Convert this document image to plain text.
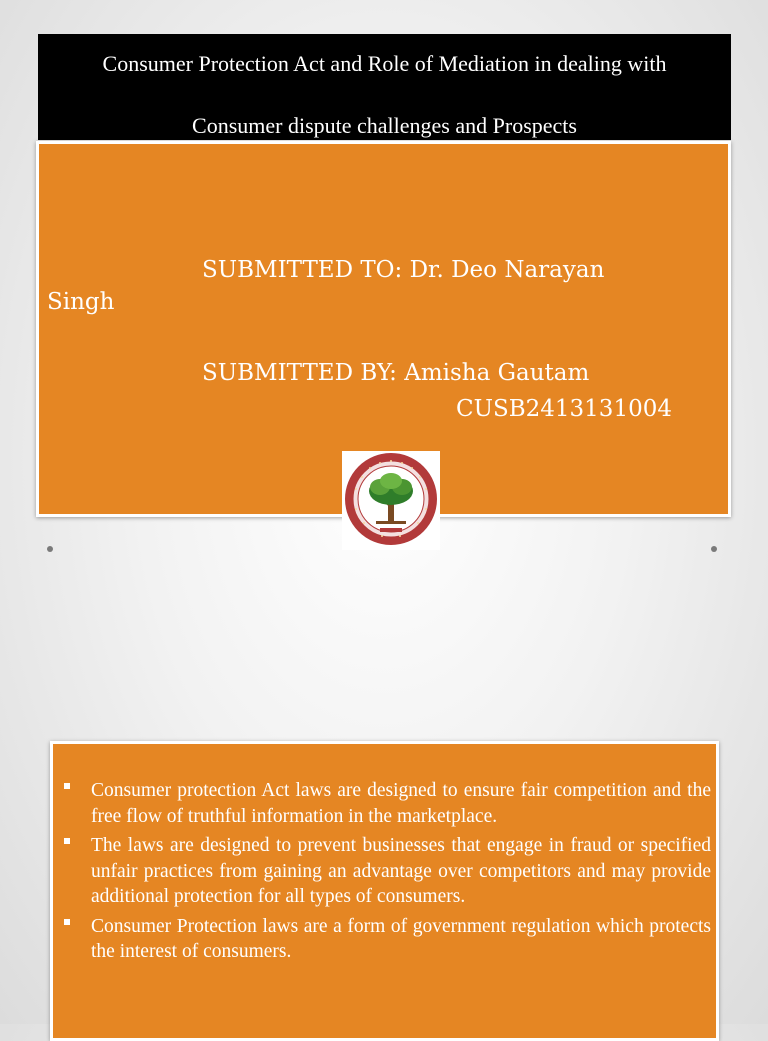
Consumer Protection Act and Role of Mediation in dealing with
Consumer dispute challenges and Prospects
SUBMITTED TO: Dr. Deo Narayan
Singh
SUBMITTED BY: Amisha Gautam
CUSB2413131004
Consumer protection Act laws are designed to ensure fair competition and the free flow of truthful information in the marketplace.
The laws are designed to prevent businesses that engage in fraud or specified unfair practices from gaining an advantage over competitors and may provide additional protection for all types of consumers.
Consumer Protection laws are a form of government regulation which protects the interest of consumers.
